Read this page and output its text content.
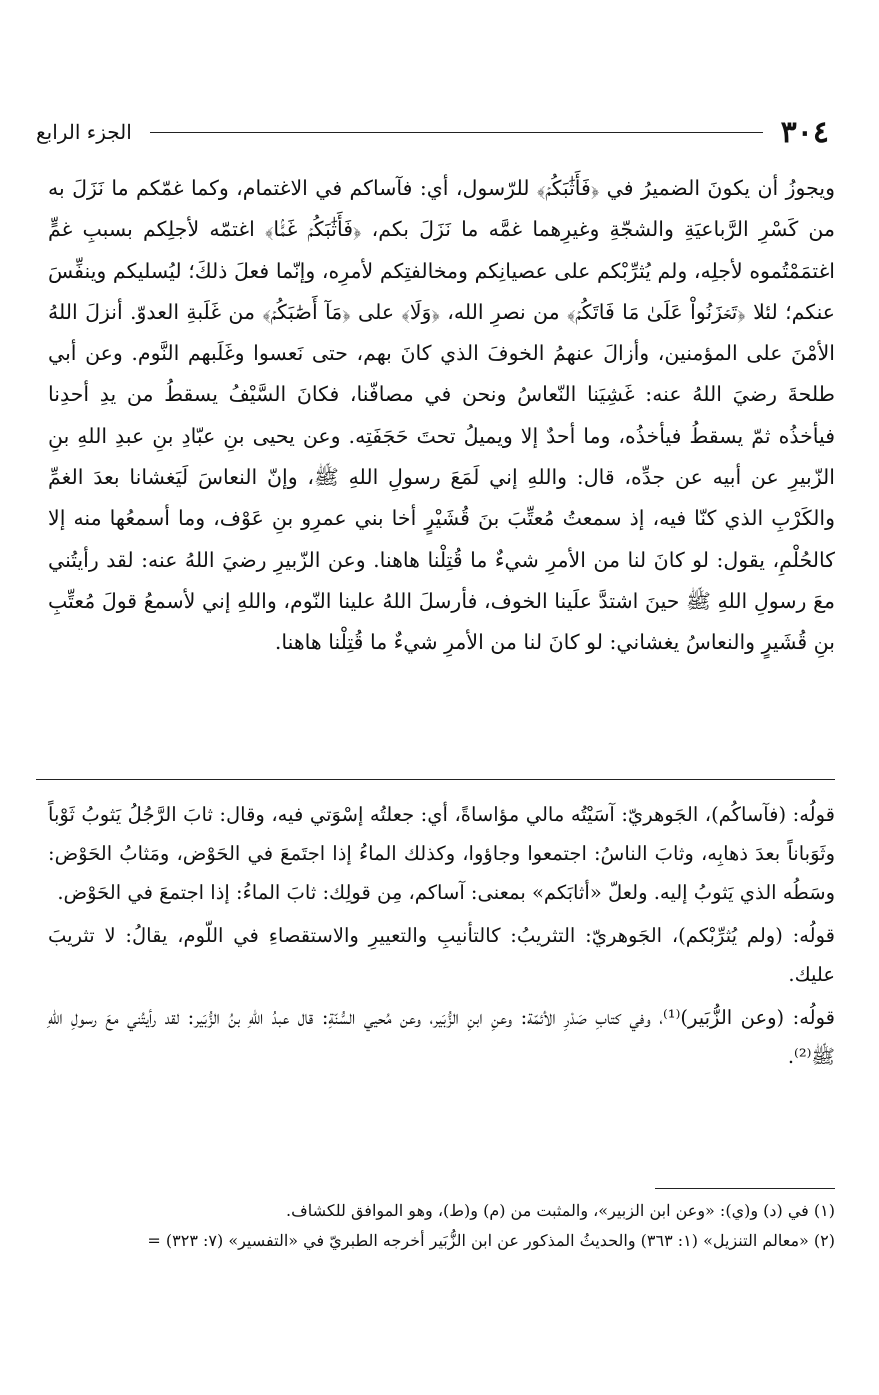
٣٠٤
الجزء الرابع

ويجوزُ أن يكونَ الضميرُ في ﴿فَأَثَٰبَكُمۡ﴾ للرّسول، أي: فآساكم في الاغتمام، وكما غمّكم ما نَزَلَ به من كَسْرِ الرَّباعيَةِ والشجّةِ وغيرِهما غمَّه ما نَزَلَ بكم، ﴿فَأَثَٰبَكُمۡ غَمَّۢا﴾ اغتمّه لأجلِكم بسببِ غمٍّ اغتمَمْتُموه لأجلِه، ولم يُثرِّبْكم على عصيانِكم ومخالفتِكم لأمرِه، وإنّما فعلَ ذلكَ؛ ليُسليكم وينفِّسَ عنكم؛ لئلا ﴿تَحۡزَنُواْ عَلَىٰ مَا فَاتَكُمۡ﴾ من نصرِ الله، ﴿وَلَا﴾ على ﴿مَآ أَصَٰبَكُمۡ﴾ من غَلَبةِ العدوّ. أنزلَ اللهُ الأمْنَ على المؤمنين، وأزالَ عنهمُ الخوفَ الذي كانَ بهم، حتى نَعسوا وغَلَبهم النَّوم. وعن أبي طلحةَ رضيَ اللهُ عنه: غَشِيَنا النّعاسُ ونحن في مصافّنا، فكانَ السَّيْفُ يسقطُ من يدِ أحدِنا فيأخذُه ثمّ يسقطُ فيأخذُه، وما أحدٌ إلا ويميلُ تحتَ حَجَفَتِه. وعن يحيى بنِ عبّادِ بنِ عبدِ اللهِ بنِ الزّبيرِ عن أبيه عن جدِّه، قال: واللهِ إني لَمَعَ رسولِ اللهِ ﷺ، وإنّ النعاسَ لَيَغشانا بعدَ الغمِّ والكَرْبِ الذي كنّا فيه، إذ سمعتُ مُعتِّبَ بنَ قُشَيْرٍ أخا بني عمرِو بنِ عَوْف، وما أسمعُها منه إلا كالحُلْمِ، يقول: لو كانَ لنا من الأمرِ شيءٌ ما قُتِلْنا هاهنا. وعن الزّبيرِ رضيَ اللهُ عنه: لقد رأيتُني معَ رسولِ اللهِ ﷺ حينَ اشتدَّ علَينا الخوف، فأرسلَ اللهُ علينا النّوم، واللهِ إني لأسمعُ قولَ مُعتِّبِ بنِ قُشَيرٍ والنعاسُ يغشاني: لو كانَ لنا من الأمرِ شيءٌ ما قُتِلْنا هاهنا.

قولُه: (فآساكُم)، الجَوهريّ: آسَيْتُه مالي مؤاساةً، أي: جعلتُه إسْوَتي فيه، وقال: ثابَ الرَّجُلُ يَثوبُ ثَوْباً وثَوَباناً بعدَ ذهابِه، وثابَ الناسُ: اجتمعوا وجاؤوا، وكذلك الماءُ إذا اجتَمعَ في الحَوْض، ومَثابُ الحَوْض: وسَطُه الذي يَثوبُ إليه. ولعلّ «أثابَكم» بمعنى: آساكم، مِن قولِك: ثابَ الماءُ: إذا اجتمعَ في الحَوْض.

قولُه: (ولم يُثرِّبْكم)، الجَوهريّ: التثريبُ: كالتأنيبِ والتعييرِ والاستقصاءِ في اللّوم، يقالُ: لا تثريبَ عليك.

قولُه: (وعن الزُّبَير)⁽¹⁾، وفي كتابِ صَدْرِ الأئمّة: وعنِ ابنِ الزُّبَير، وعن مُحيي السُّنّةِ: قال عبدُ اللهِ بنُ الزُّبَير: لقد رأيتُني معَ رسولِ اللهِ ﷺ⁽²⁾.

(١) في (د) و(ي): «وعن ابن الزبير»، والمثبت من (م) و(ط)، وهو الموافق للكشاف.

(٢) «معالم التنزيل» (١: ٣٦٣) والحديثُ المذكور عن ابن الزُّبَير أخرجه الطبريّ في «التفسير» (٧: ٣٢٣) =
